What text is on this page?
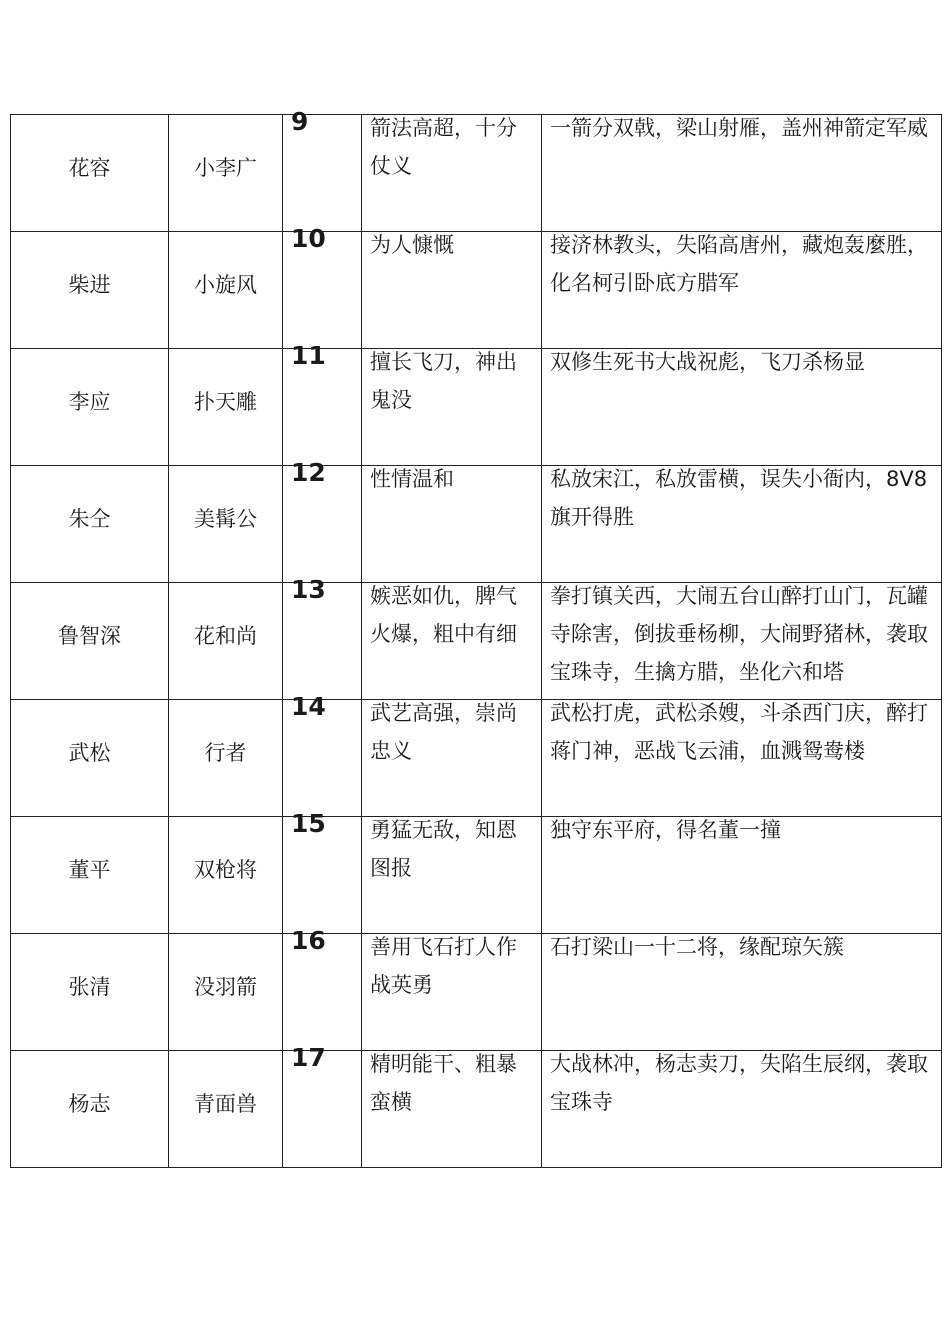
花容	小李广	9	箭法高超，十分仗义	一箭分双戟，梁山射雁，盖州神箭定军威

柴进	小旋风	10	为人慷慨	接济林教头，失陷高唐州，藏炮轰麼胜，化名柯引卧底方腊军

李应	扑天雕	11	擅长飞刀，神出鬼没	双修生死书大战祝彪，飞刀杀杨显

朱仝	美髯公	12	性情温和	私放宋江，私放雷横，误失小衙内，8V8 旗开得胜

鲁智深	花和尚	13	嫉恶如仇，脾气火爆，粗中有细	拳打镇关西，大闹五台山醉打山门，瓦罐寺除害，倒拔垂杨柳，大闹野猪林，袭取宝珠寺，生擒方腊，坐化六和塔

武松	行者	14	武艺高强，崇尚忠义	武松打虎，武松杀嫂，斗杀西门庆，醉打蒋门神，恶战飞云浦，血溅鸳鸯楼

董平	双枪将	15	勇猛无敌，知恩图报	独守东平府，得名董一撞

张清	没羽箭	16	善用飞石打人作战英勇	石打梁山一十二将，缘配琼矢簇

杨志	青面兽	17	精明能干、粗暴蛮横	大战林冲，杨志卖刀，失陷生辰纲，袭取宝珠寺
